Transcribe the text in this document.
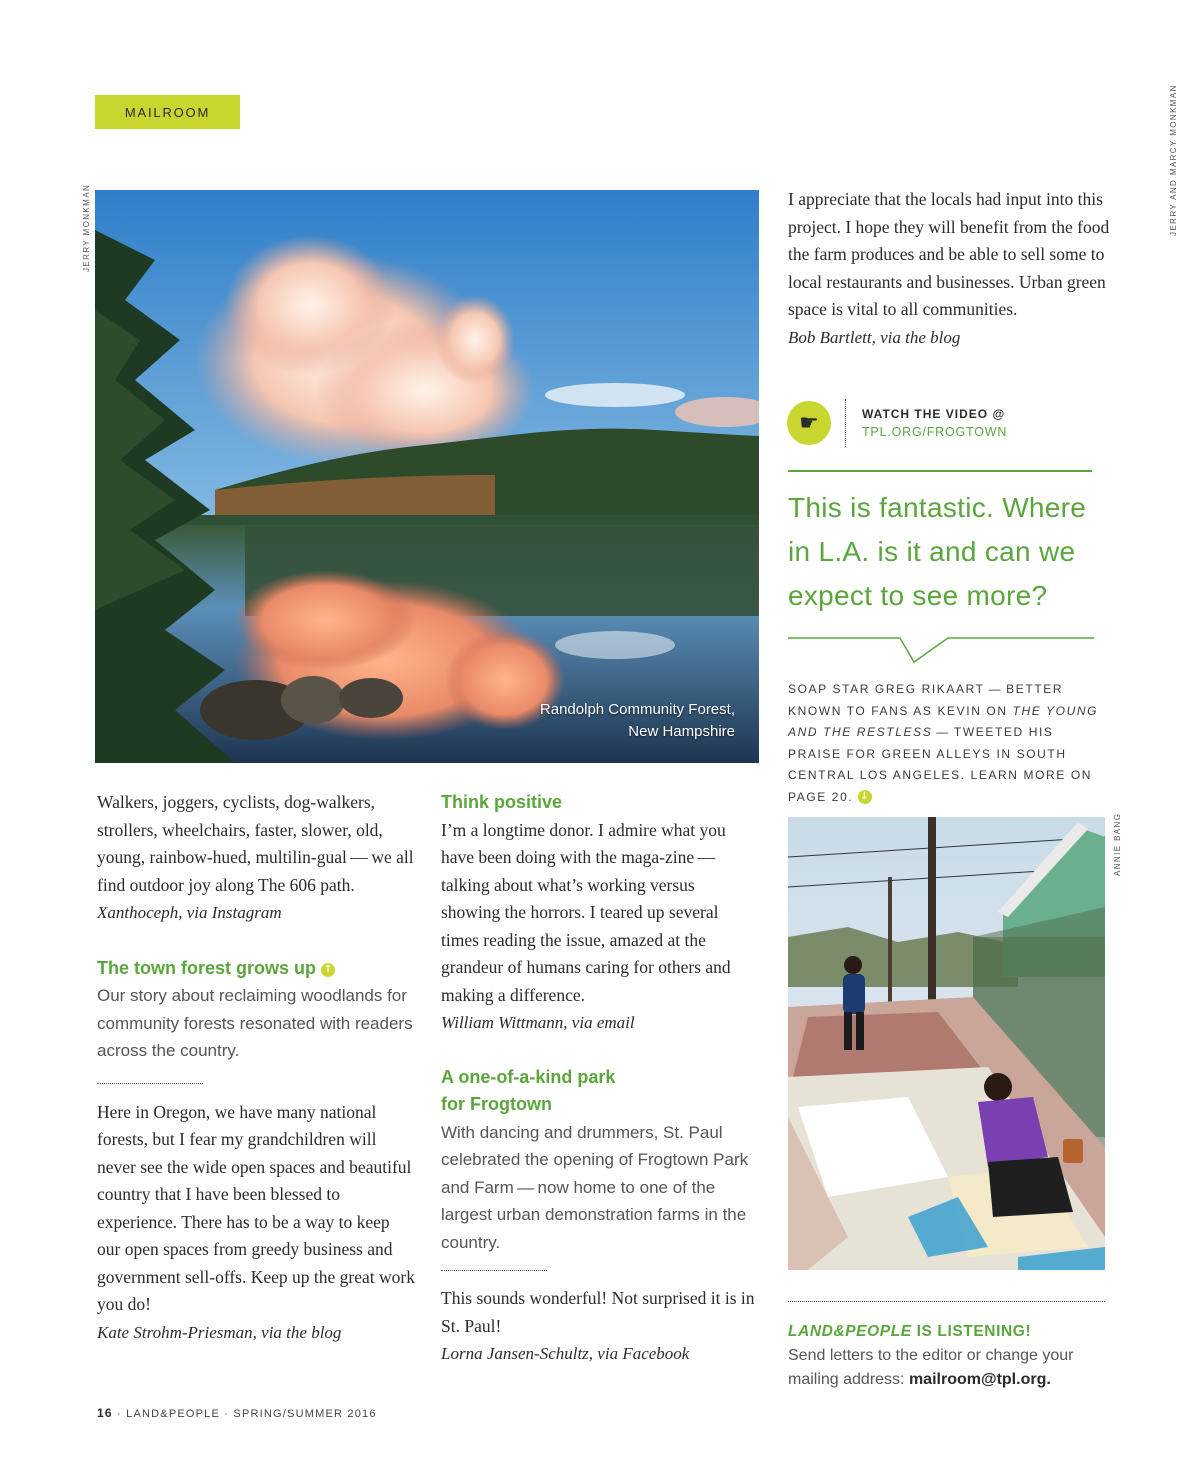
MAILROOM
JERRY MONKMAN	JERRY AND MARCY MONKMAN
ANNIE BANG
Randolph Community Forest,
New Hampshire

Walkers, joggers, cyclists, dog-walkers, strollers, wheelchairs, faster, slower, old, young, rainbow-hued, multilin-gual — we all find outdoor joy along The 606 path.

Xanthoceph, via Instagram
The town forest grows up ↑
Our story about reclaiming woodlands for community forests resonated with readers across the country.

Here in Oregon, we have many national forests, but I fear my grandchildren will never see the wide open spaces and beautiful country that I have been blessed to experience. There has to be a way to keep our open spaces from greedy business and government sell-offs. Keep up the great work you do!

Kate Strohm-Priesman, via the blog
Think positive

I’m a longtime donor. I admire what you have been doing with the maga-zine — talking about what’s working versus showing the horrors. I teared up several times reading the issue, amazed at the grandeur of humans caring for others and making a difference.

William Wittmann, via email
A one-of-a-kind park
for Frogtown
With dancing and drummers, St. Paul celebrated the opening of Frogtown Park and Farm — now home to one of the largest urban demonstration farms in the country.

This sounds wonderful! Not surprised it is in St. Paul!

Lorna Jansen-Schultz, via Facebook

I appreciate that the locals had input into this project. I hope they will benefit from the food the farm produces and be able to sell some to local restaurants and businesses. Urban green space is vital to all communities.

Bob Bartlett, via the blog
☛	WATCH THE VIDEO @
TPL.ORG/FROGTOWN
This is fantastic. Where in L.A. is it and can we expect to see more?
SOAP STAR GREG RIKAART — BETTER KNOWN TO FANS AS KEVIN ON THE YOUNG AND THE RESTLESS — TWEETED HIS PRAISE FOR GREEN ALLEYS IN SOUTH CENTRAL LOS ANGELES. LEARN MORE ON PAGE 20. ↓
LAND&PEOPLE IS LISTENING!
Send letters to the editor or change your mailing address: mailroom@tpl.org.
16 · LAND&PEOPLE · SPRING/SUMMER 2016
